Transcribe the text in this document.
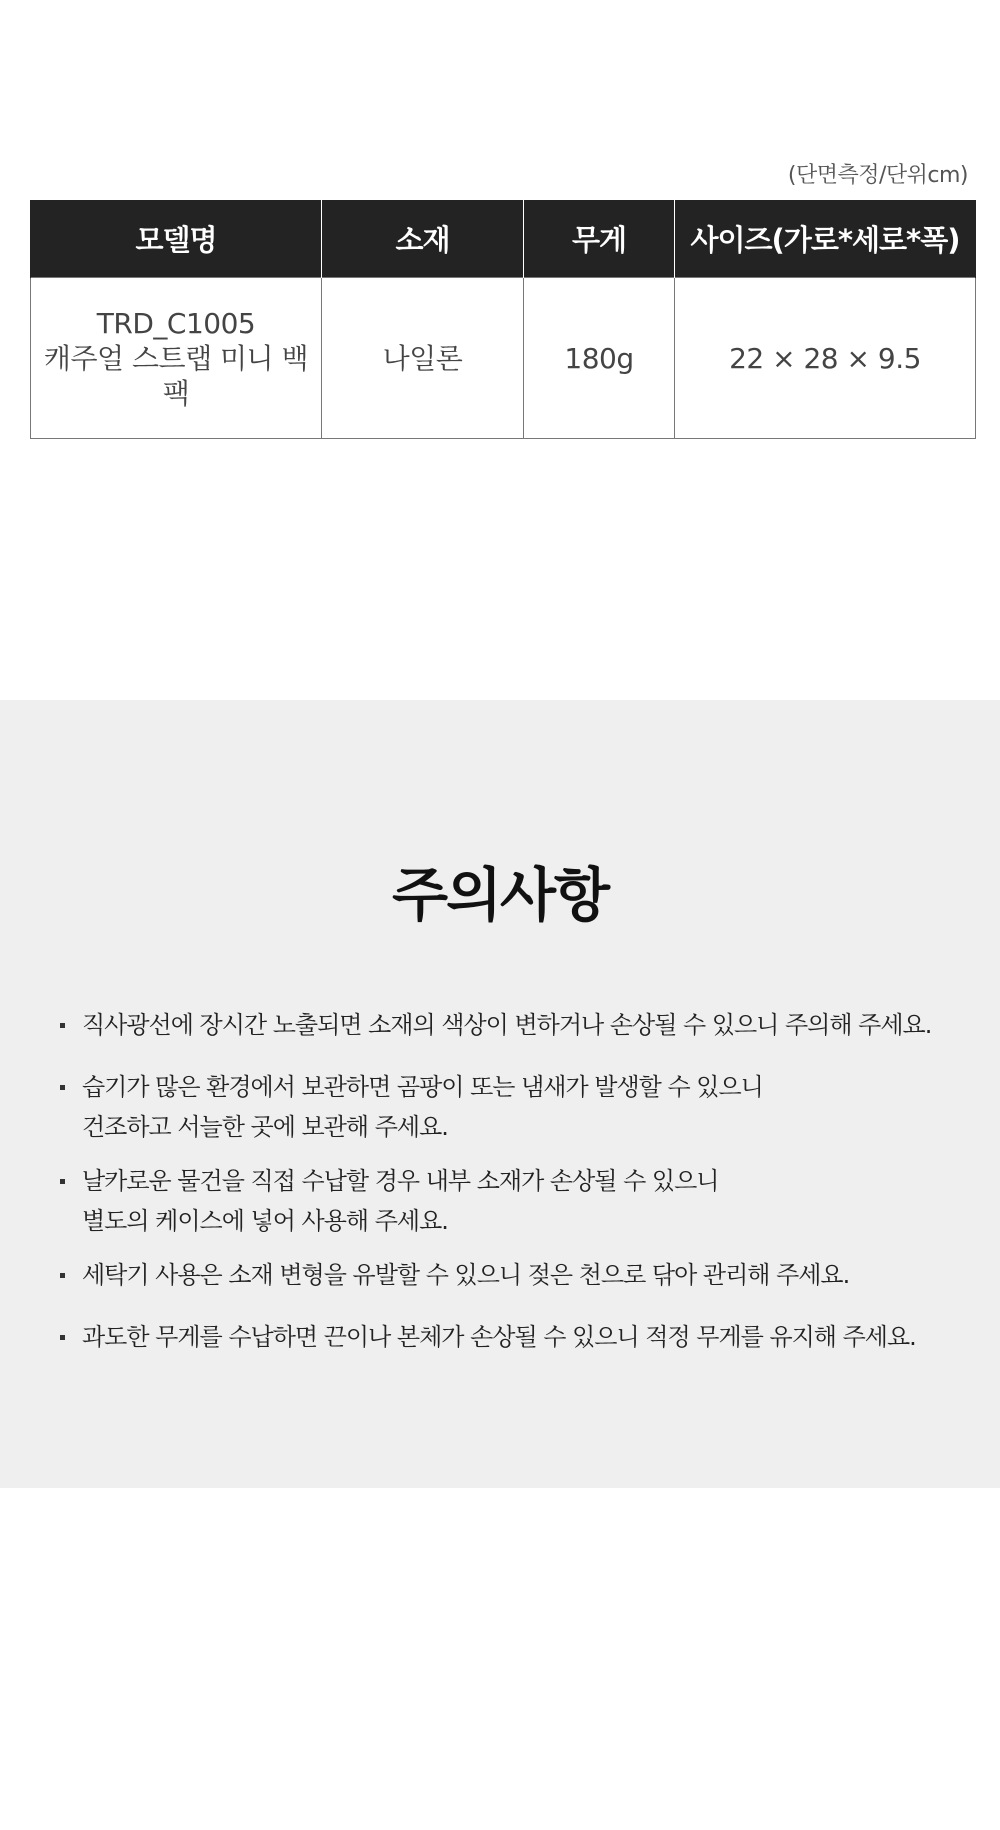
(단면측정/단위cm)
모델명	소재	무게	사이즈(가로*세로*폭)

TRD_C1005
캐주얼 스트랩 미니 백팩	나일론	180g	22 × 28 × 9.5
주의사항
직사광선에 장시간 노출되면 소재의 색상이 변하거나 손상될 수 있으니 주의해 주세요.
습기가 많은 환경에서 보관하면 곰팡이 또는 냄새가 발생할 수 있으니
건조하고 서늘한 곳에 보관해 주세요.
날카로운 물건을 직접 수납할 경우 내부 소재가 손상될 수 있으니
별도의 케이스에 넣어 사용해 주세요.
세탁기 사용은 소재 변형을 유발할 수 있으니 젖은 천으로 닦아 관리해 주세요.
과도한 무게를 수납하면 끈이나 본체가 손상될 수 있으니 적정 무게를 유지해 주세요.
